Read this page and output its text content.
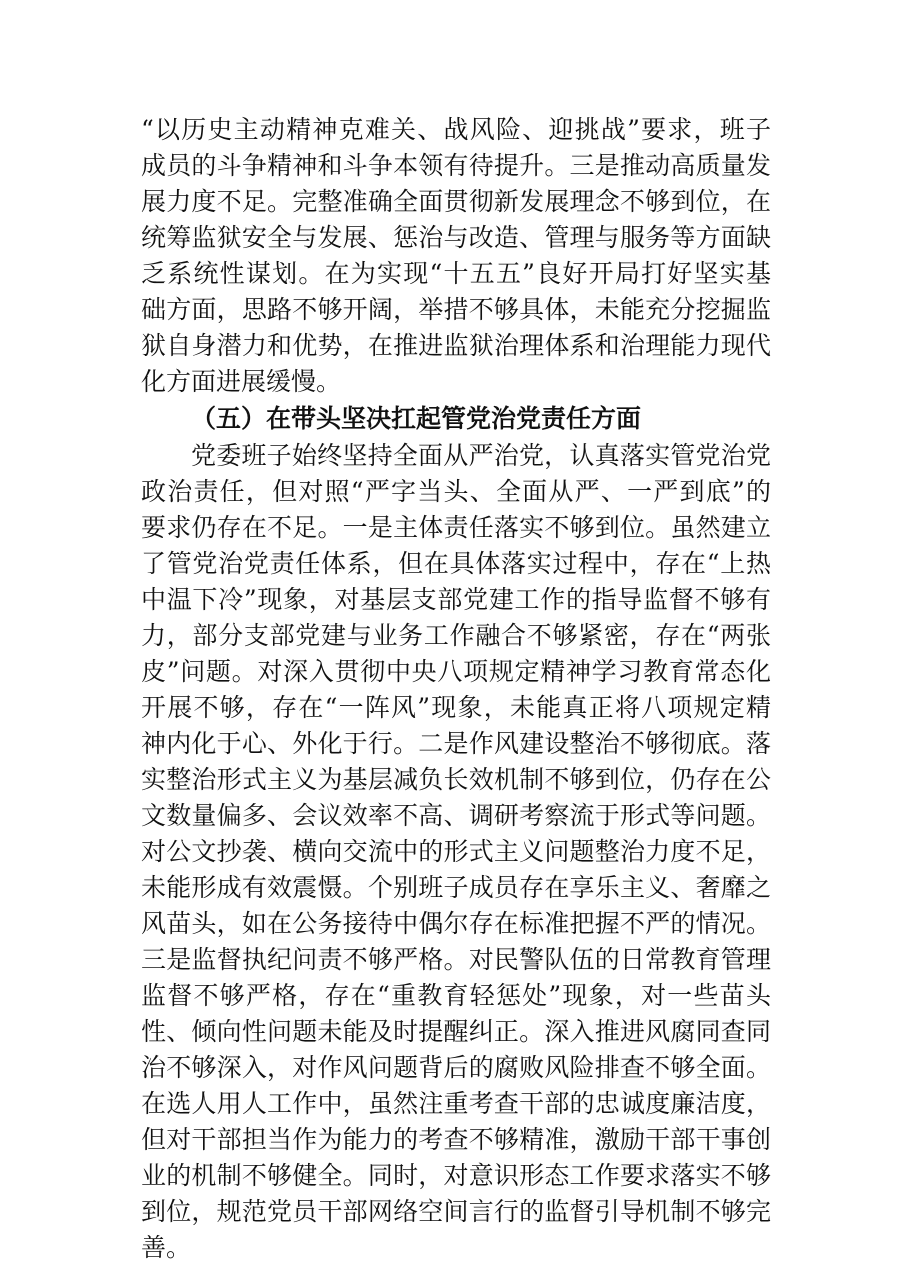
“以历史主动精神克难关、战风险、迎挑战”要求，班子
成员的斗争精神和斗争本领有待提升。三是推动高质量发
展力度不足。完整准确全面贯彻新发展理念不够到位，在
统筹监狱安全与发展、惩治与改造、管理与服务等方面缺
乏系统性谋划。在为实现“十五五”良好开局打好坚实基
础方面，思路不够开阔，举措不够具体，未能充分挖掘监
狱自身潜力和优势，在推进监狱治理体系和治理能力现代
化方面进展缓慢。
（五）在带头坚决扛起管党治党责任方面
党委班子始终坚持全面从严治党，认真落实管党治党
政治责任，但对照“严字当头、全面从严、一严到底”的
要求仍存在不足。一是主体责任落实不够到位。虽然建立
了管党治党责任体系，但在具体落实过程中，存在“上热
中温下冷”现象，对基层支部党建工作的指导监督不够有
力，部分支部党建与业务工作融合不够紧密，存在“两张
皮”问题。对深入贯彻中央八项规定精神学习教育常态化
开展不够，存在“一阵风”现象，未能真正将八项规定精
神内化于心、外化于行。二是作风建设整治不够彻底。落
实整治形式主义为基层减负长效机制不够到位，仍存在公
文数量偏多、会议效率不高、调研考察流于形式等问题。
对公文抄袭、横向交流中的形式主义问题整治力度不足，
未能形成有效震慑。个别班子成员存在享乐主义、奢靡之
风苗头，如在公务接待中偶尔存在标准把握不严的情况。
三是监督执纪问责不够严格。对民警队伍的日常教育管理
监督不够严格，存在“重教育轻惩处”现象，对一些苗头
性、倾向性问题未能及时提醒纠正。深入推进风腐同查同
治不够深入，对作风问题背后的腐败风险排查不够全面。
在选人用人工作中，虽然注重考查干部的忠诚度廉洁度，
但对干部担当作为能力的考查不够精准，激励干部干事创
业的机制不够健全。同时，对意识形态工作要求落实不够
到位，规范党员干部网络空间言行的监督引导机制不够完
善。
